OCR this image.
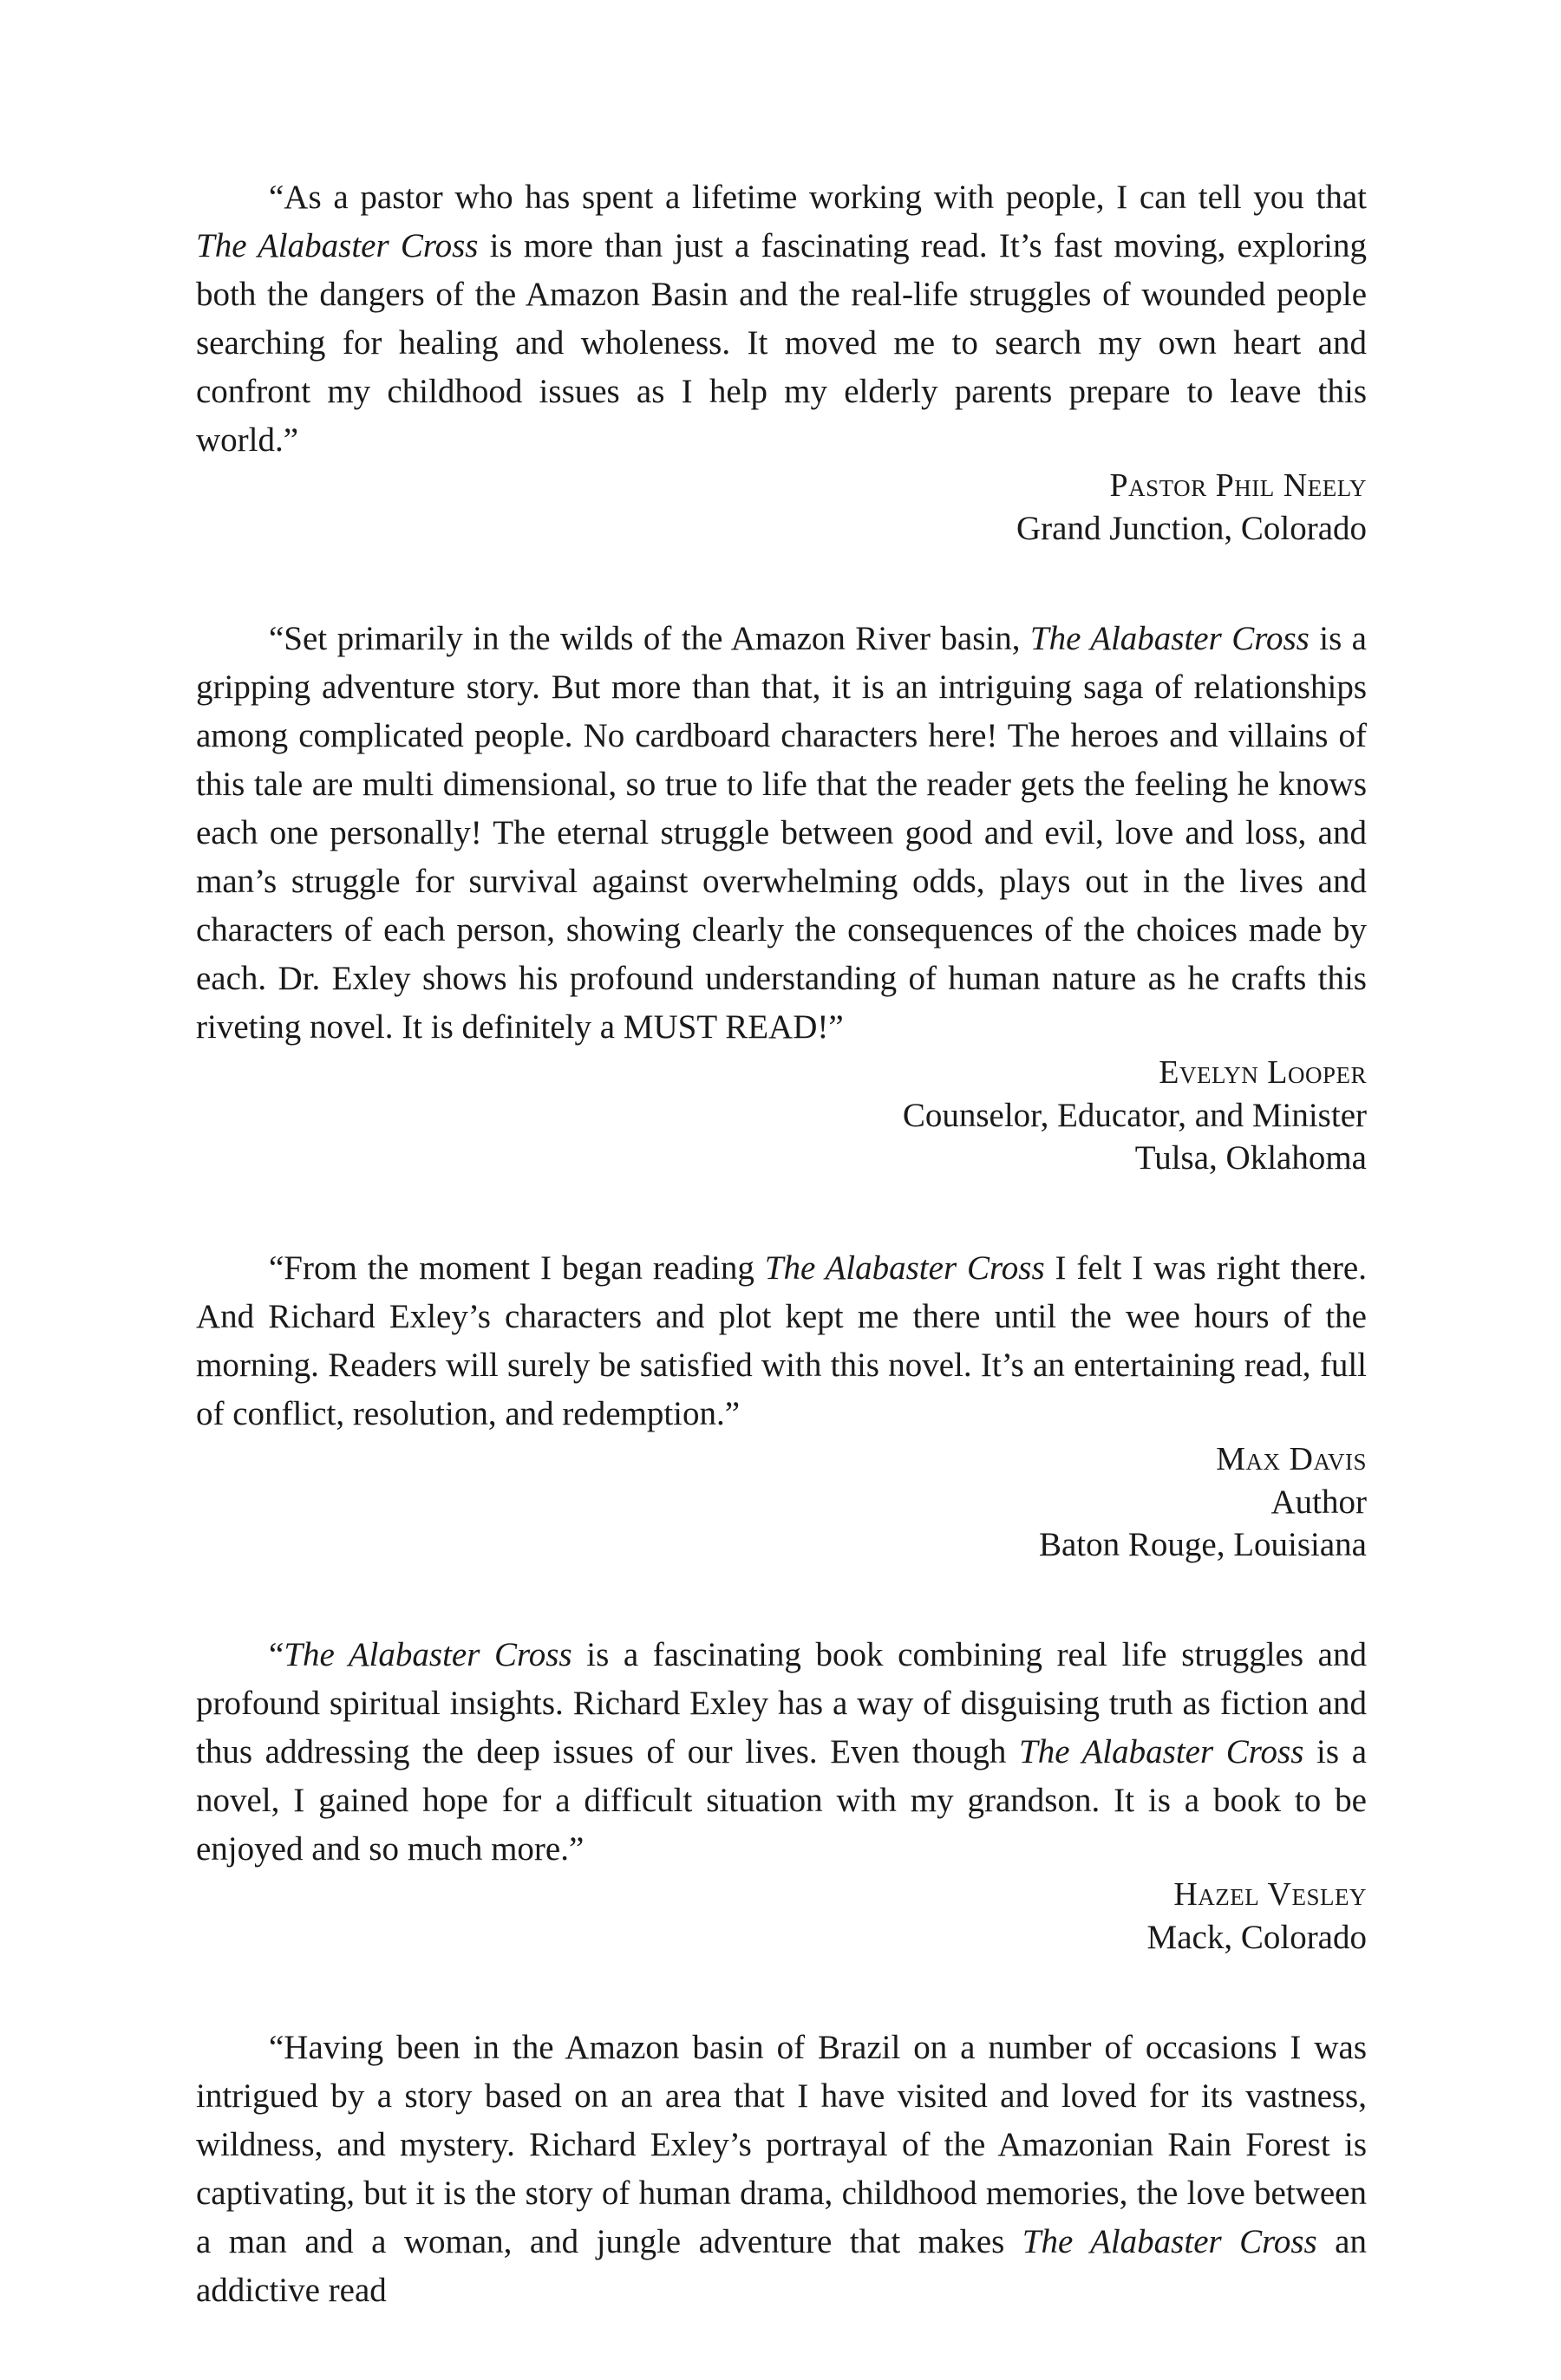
“As a pastor who has spent a lifetime working with people, I can tell you that The Alabaster Cross is more than just a fascinating read. It’s fast moving, exploring both the dangers of the Amazon Basin and the real-life struggles of wounded people searching for healing and wholeness. It moved me to search my own heart and confront my childhood issues as I help my elderly parents prepare to leave this world.”

Pastor Phil Neely
Grand Junction, Colorado

“Set primarily in the wilds of the Amazon River basin, The Alabaster Cross is a gripping adventure story. But more than that, it is an intriguing saga of relationships among complicated people. No cardboard characters here! The heroes and villains of this tale are multi dimensional, so true to life that the reader gets the feeling he knows each one personally! The eternal struggle between good and evil, love and loss, and man’s struggle for survival against overwhelming odds, plays out in the lives and characters of each person, showing clearly the consequences of the choices made by each. Dr. Exley shows his profound understanding of human nature as he crafts this riveting novel. It is definitely a MUST READ!”

Evelyn Looper
Counselor, Educator, and Minister
Tulsa, Oklahoma

“From the moment I began reading The Alabaster Cross I felt I was right there. And Richard Exley’s characters and plot kept me there until the wee hours of the morning. Readers will surely be satisfied with this novel. It’s an entertaining read, full of conflict, resolution, and redemption.”

Max Davis
Author
Baton Rouge, Louisiana

“The Alabaster Cross is a fascinating book combining real life struggles and profound spiritual insights. Richard Exley has a way of disguising truth as fiction and thus addressing the deep issues of our lives. Even though The Alabaster Cross is a novel, I gained hope for a difficult situation with my grandson. It is a book to be enjoyed and so much more.”

Hazel Vesley
Mack, Colorado

“Having been in the Amazon basin of Brazil on a number of occasions I was intrigued by a story based on an area that I have visited and loved for its vastness, wildness, and mystery. Richard Exley’s portrayal of the Amazonian Rain Forest is captivating, but it is the story of human drama, childhood memories, the love between a man and a woman, and jungle adventure that makes The Alabaster Cross an addictive read
